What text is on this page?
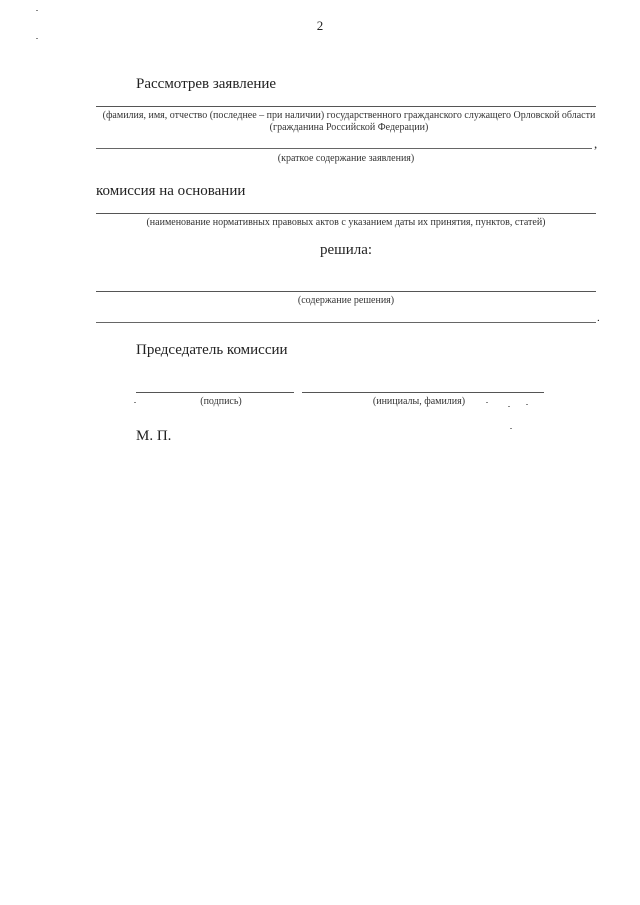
2
Рассмотрев заявление
(фамилия, имя, отчество (последнее – при наличии) государственного гражданского служащего Орловской области (гражданина Российской Федерации)
,
(краткое содержание заявления)
комиссия на основании
(наименование нормативных правовых актов с указанием даты их принятия, пунктов, статей)
решила:
(содержание решения)
.
Председатель комиссии
(подпись)	(инициалы, фамилия)
М. П.
